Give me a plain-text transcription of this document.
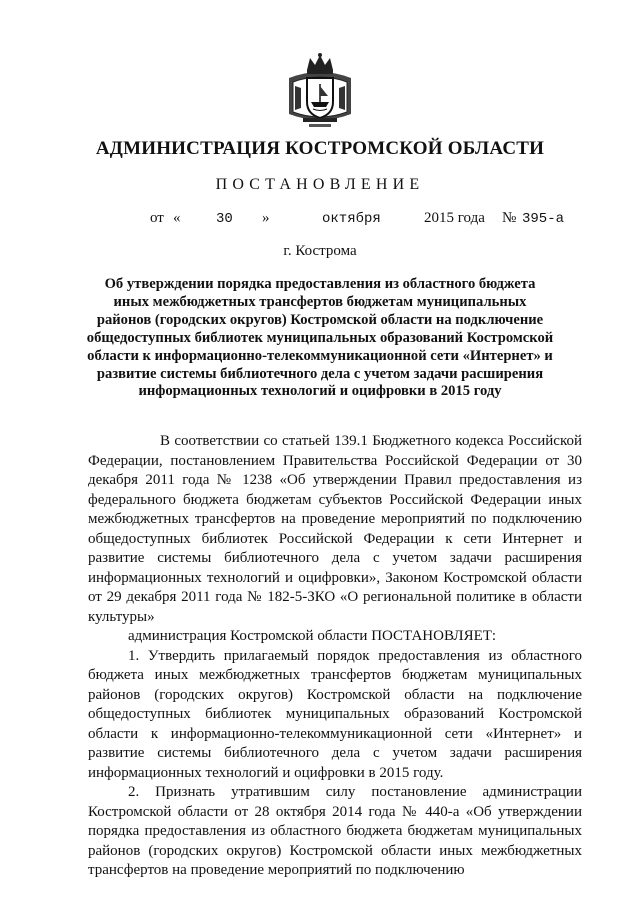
АДМИНИСТРАЦИЯ КОСТРОМСКОЙ ОБЛАСТИ
ПОСТАНОВЛЕНИЕ
от «	30 »	октября	2015 года № 395-а
г. Кострома
Об утверждении порядка предоставления из областного бюджета иных межбюджетных трансфертов бюджетам муниципальных районов (городских округов) Костромской области на подключение общедоступных библиотек муниципальных образований Костромской области к информационно-телекоммуникационной сети «Интернет» и развитие системы библиотечного дела с учетом задачи расширения информационных технологий и оцифровки в 2015 году

В соответствии со статьей 139.1 Бюджетного кодекса Российской Федерации, постановлением Правительства Российской Федерации от 30 декабря 2011 года № 1238 «Об утверждении Правил предоставления из федерального бюджета бюджетам субъектов Российской Федерации иных межбюджетных трансфертов на проведение мероприятий по подключению общедоступных библиотек Российской Федерации к сети Интернет и развитие системы библиотечного дела с учетом задачи расширения информационных технологий и оцифровки», Законом Костромской области от 29 декабря 2011 года № 182-5-ЗКО «О региональной политике в области культуры»

администрация Костромской области ПОСТАНОВЛЯЕТ:

1. Утвердить прилагаемый порядок предоставления из областного бюджета иных межбюджетных трансфертов бюджетам муниципальных районов (городских округов) Костромской области на подключение общедоступных библиотек муниципальных образований Костромской области к информационно-телекоммуникационной сети «Интернет» и развитие системы библиотечного дела с учетом задачи расширения информационных технологий и оцифровки в 2015 году.

2. Признать утратившим силу постановление администрации Костромской области от 28 октября 2014 года № 440-а «Об утверждении порядка предоставления из областного бюджета бюджетам муниципальных районов (городских округов) Костромской области иных межбюджетных трансфертов на проведение мероприятий по подключению
